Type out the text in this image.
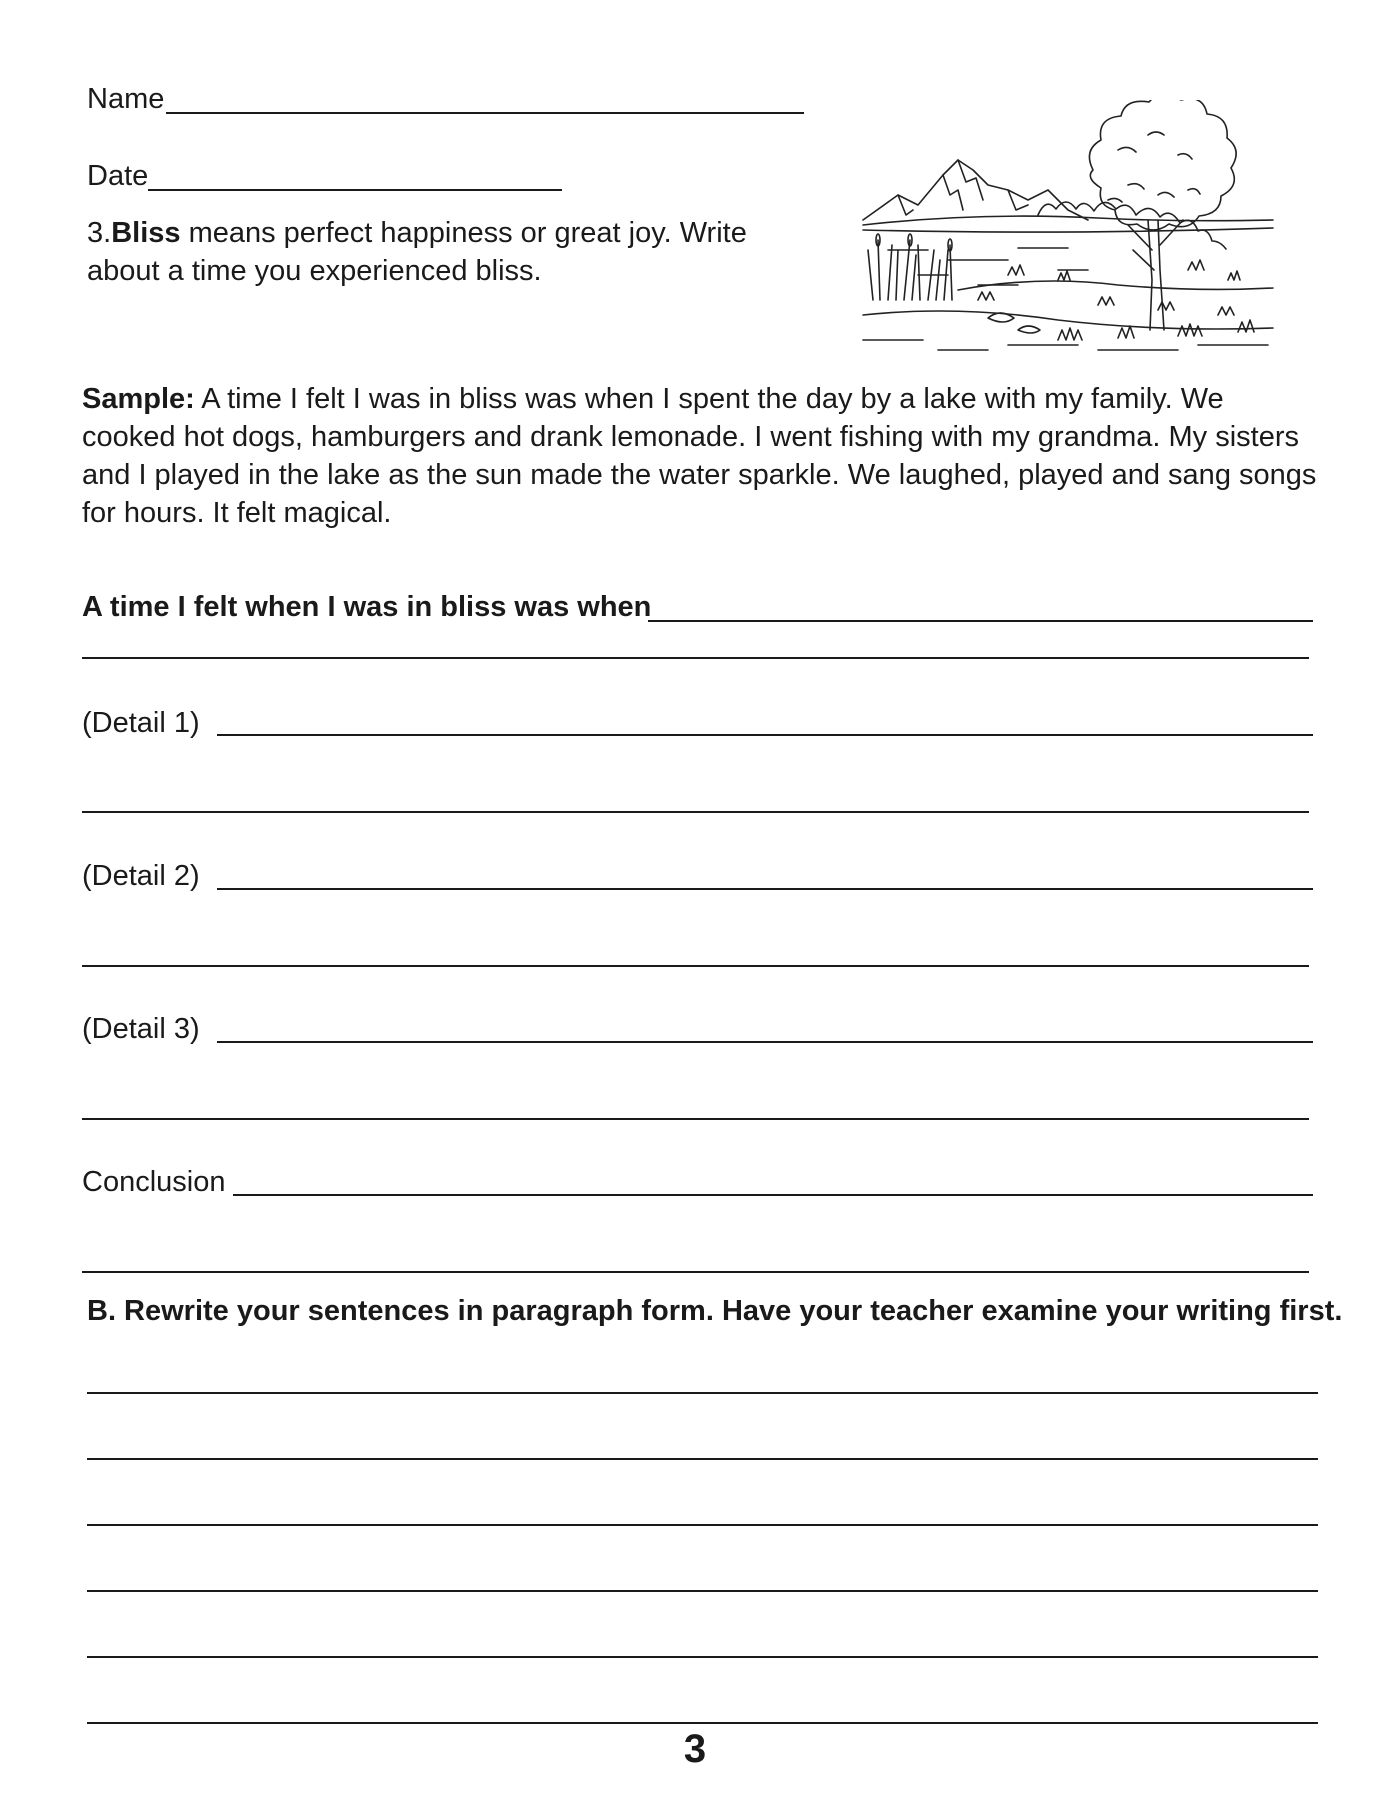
Name
Date
3.Bliss means perfect happiness or great joy. Write
about a time you experienced bliss.
Sample: A time I felt I was in bliss was when I spent the day by a lake with my family. We
cooked hot dogs, hamburgers and drank lemonade. I went fishing with my grandma. My sisters
and I played in the lake as the sun made the water sparkle. We laughed, played and sang songs
for hours. It felt magical.
A time I felt when I was in bliss was when
(Detail 1)
(Detail 2)
(Detail 3)
Conclusion
B. Rewrite your sentences in paragraph form. Have your teacher examine your writing first.
3
